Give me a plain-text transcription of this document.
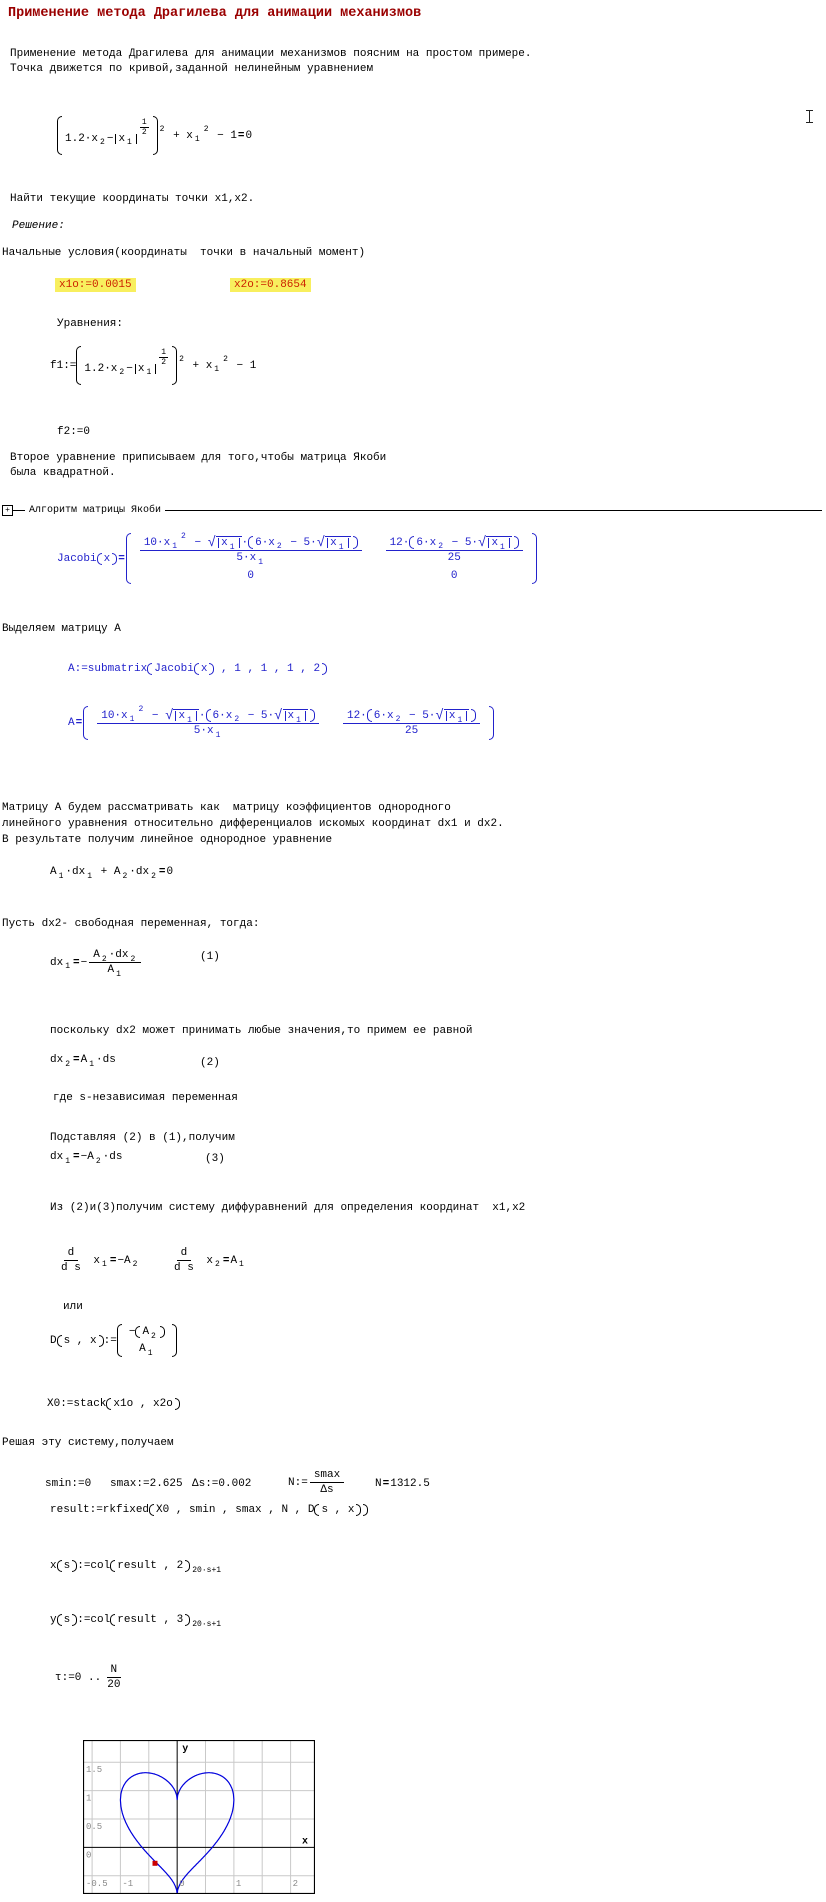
Применение метода Драгилева для анимации механизмов
Применение метода Драгилева для анимации механизмов поясним на простом примере.
Точка движется по кривой,заданной нелинейным уравнением
1.2·x 2 − x 1
1
2 2 + x 1
2 − 1 = 0
Найти текущие координаты точки x1,x2.
Решение:
Начальные условия(координаты  точки в начальный момент)
x1o:=0.0015	x2o:=0.8654
Уравнения:
f1:= 1.2·x 2 − x 1
1
2 2 + x 1
2 − 1
f2:=0
Второе уравнение приписываем для того,чтобы матрица Якоби
была квадратной.
+	Алгоритм матрицы Якоби
Jacobi x = 10·x 1
2 − √ x 1 · 6·x 2 − 5· √ x 1
5·x $1 \frac{12\cdot 6\cdot x 2 - 5\cdot √ x 1}{25}$
0	0
Выделяем матрицу A
A:=submatrix Jacobi x , 1 , 1 , 1 , 2
A = 10·x 1
2 − √ x 1 · 6·x 2 − 5· √ x 1
5·x $1 \frac{12\cdot 6\cdot x 2 - 5\cdot √ x 1}{25}$
Матрицу A будем рассматривать как  матрицу коэффициентов однородного
линейного уравнения относительно дифференциалов искомых координат dx1 и dx2.
В результате получим линейное однородное уравнение
A 1 ·dx 1 + A 2 ·dx 2 = 0
Пусть dx2- свободная переменная, тогда:
dx 1 = − $\frac{A 2 \cdot dx 2}{A 1}$	(1)
поскольку dx2 может принимать любые значения,то примем ее равной
dx 2 = A 1 ·ds	(2)
где s-независимая переменная
Подставляя (2) в (1),получим
dx 1 = −A 2 ·ds	(3)
Из (2)и(3)получим систему диффуравнений для определения координат  x1,x2
$\frac{d}{\text{d s}}$ x 1 = −A 2	$\frac{d}{\text{d s}}$ x 2 = A 1
или
D s , x :=
− A 2
A 1
X0:=stack x1o , x2o
Решая эту систему,получаем
smin:=0 smax:=2.625 Δs:=0.002	N:= $\frac{smax}{\Delta s}$	N = 1312.5
result:=rkfixed X0 , smin , smax , N , D s , x
x s :=col result , 2 20·s+1
y s :=col result , 3 20·s+1
τ:=0 .. $\frac{N}{20}$
-1	0	1	2
1.5
1
0.5
0
-0.5
y
x
